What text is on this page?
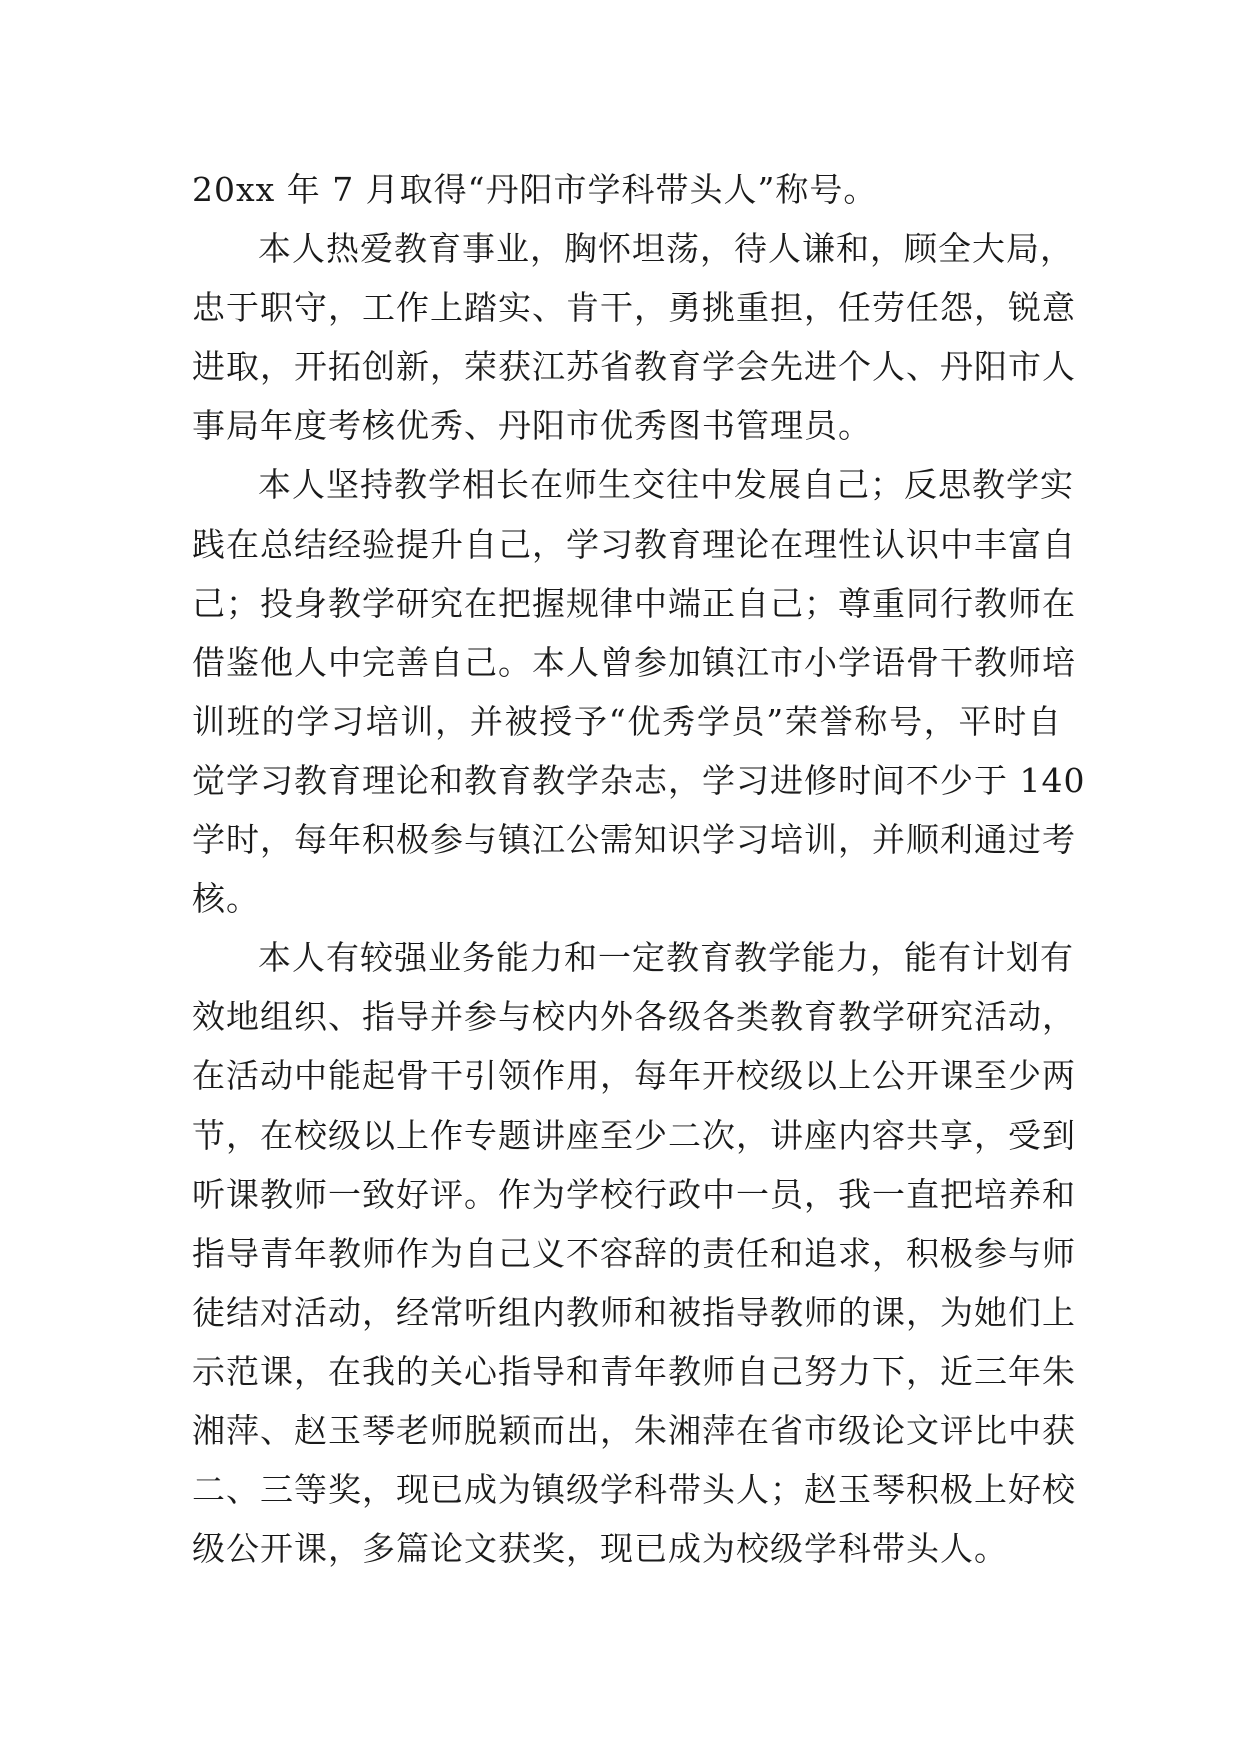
20xx 年 7 月取得“丹阳市学科带头人”称号。
本人热爱教育事业，胸怀坦荡，待人谦和，顾全大局，
忠于职守，工作上踏实、肯干，勇挑重担，任劳任怨，锐意
进取，开拓创新，荣获江苏省教育学会先进个人、丹阳市人
事局年度考核优秀、丹阳市优秀图书管理员。
本人坚持教学相长在师生交往中发展自己；反思教学实
践在总结经验提升自己，学习教育理论在理性认识中丰富自
己；投身教学研究在把握规律中端正自己；尊重同行教师在
借鉴他人中完善自己。本人曾参加镇江市小学语骨干教师培
训班的学习培训，并被授予“优秀学员”荣誉称号，平时自
觉学习教育理论和教育教学杂志，学习进修时间不少于 140
学时，每年积极参与镇江公需知识学习培训，并顺利通过考
核。
本人有较强业务能力和一定教育教学能力，能有计划有
效地组织、指导并参与校内外各级各类教育教学研究活动，
在活动中能起骨干引领作用，每年开校级以上公开课至少两
节，在校级以上作专题讲座至少二次，讲座内容共享，受到
听课教师一致好评。作为学校行政中一员，我一直把培养和
指导青年教师作为自己义不容辞的责任和追求，积极参与师
徒结对活动，经常听组内教师和被指导教师的课，为她们上
示范课，在我的关心指导和青年教师自己努力下，近三年朱
湘萍、赵玉琴老师脱颖而出，朱湘萍在省市级论文评比中获
二、三等奖，现已成为镇级学科带头人；赵玉琴积极上好校
级公开课，多篇论文获奖，现已成为校级学科带头人。
